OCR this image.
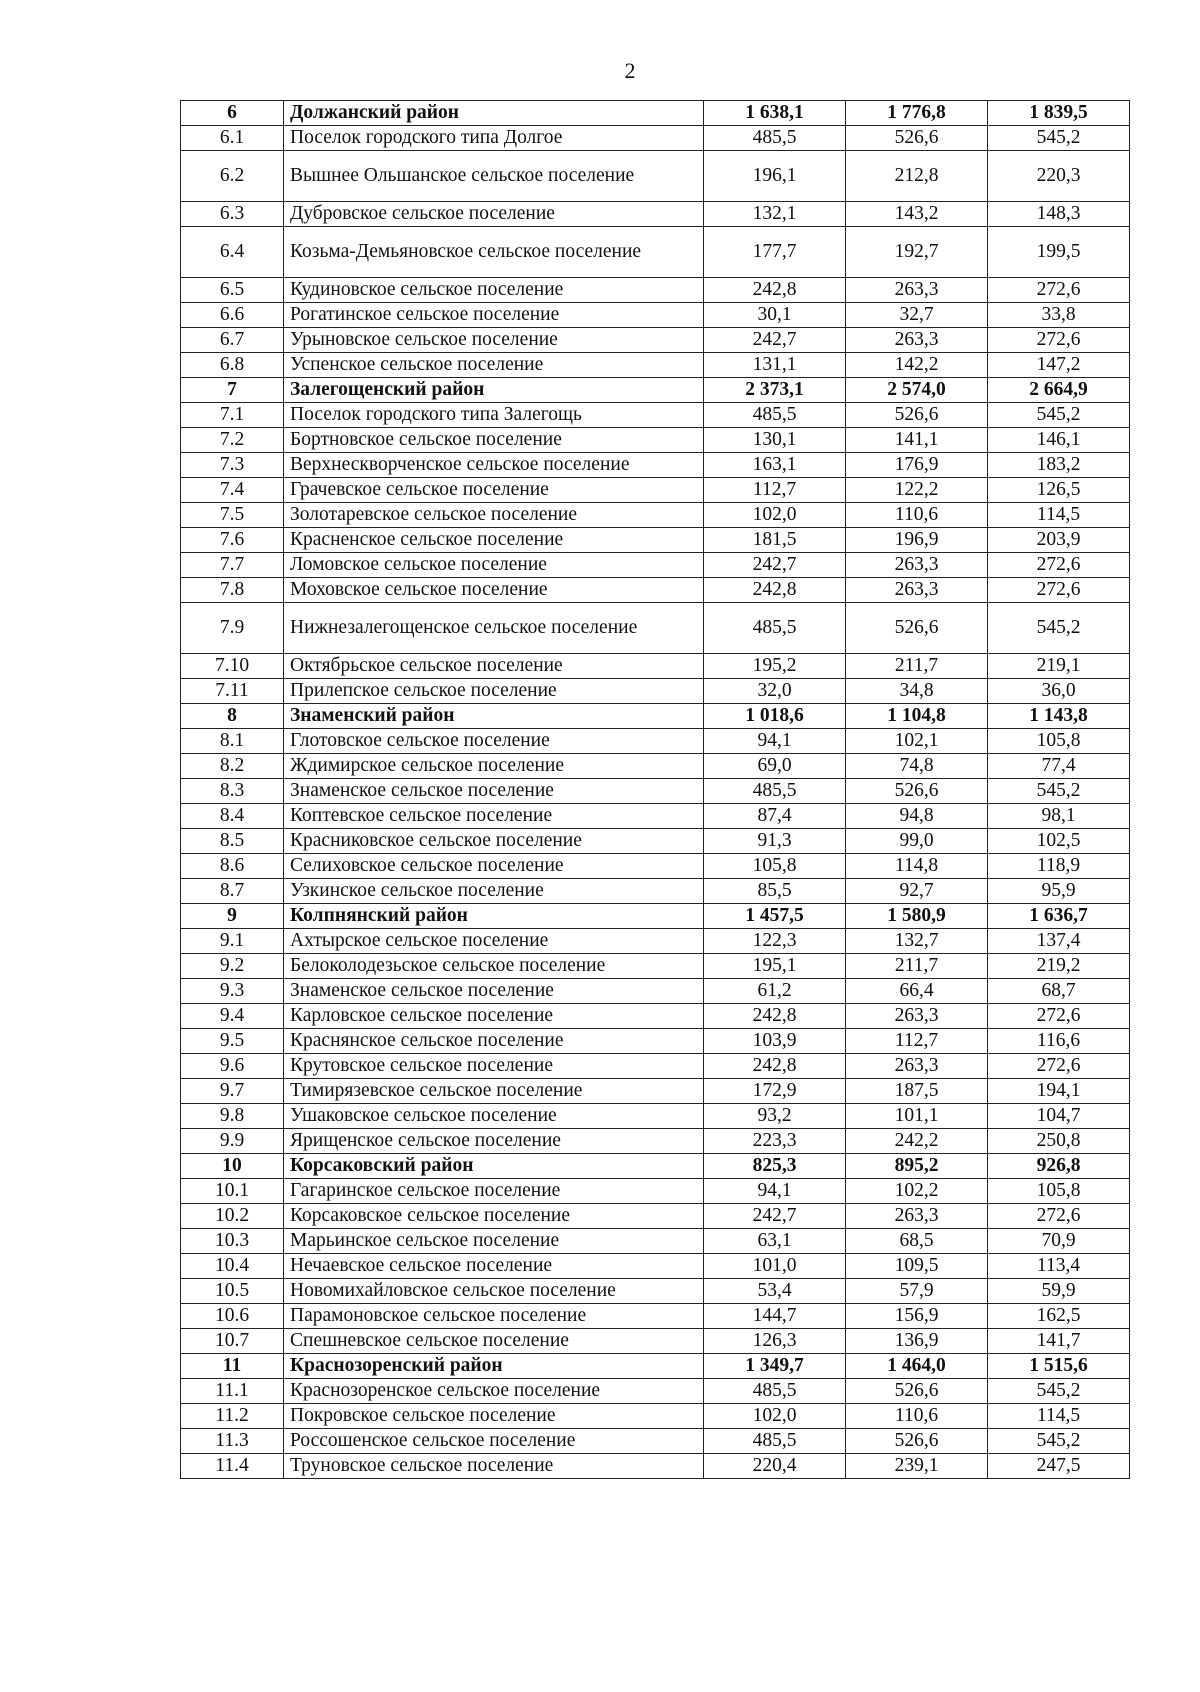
2
6	Должанский район	1 638,1	1 776,8	1 839,5
6.1	Поселок городского типа Долгое	485,5	526,6	545,2
6.2	Вышнее Ольшанское сельское поселение	196,1	212,8	220,3
6.3	Дубровское сельское поселение	132,1	143,2	148,3
6.4	Козьма-Демьяновское сельское поселение	177,7	192,7	199,5
6.5	Кудиновское сельское поселение	242,8	263,3	272,6
6.6	Рогатинское сельское поселение	30,1	32,7	33,8
6.7	Урыновское сельское поселение	242,7	263,3	272,6
6.8	Успенское сельское поселение	131,1	142,2	147,2
7	Залегощенский район	2 373,1	2 574,0	2 664,9
7.1	Поселок городского типа Залегощь	485,5	526,6	545,2
7.2	Бортновское сельское поселение	130,1	141,1	146,1
7.3	Верхнескворченское сельское поселение	163,1	176,9	183,2
7.4	Грачевское сельское поселение	112,7	122,2	126,5
7.5	Золотаревское сельское поселение	102,0	110,6	114,5
7.6	Красненское сельское поселение	181,5	196,9	203,9
7.7	Ломовское сельское поселение	242,7	263,3	272,6
7.8	Моховское сельское поселение	242,8	263,3	272,6
7.9	Нижнезалегощенское сельское поселение	485,5	526,6	545,2
7.10	Октябрьское сельское поселение	195,2	211,7	219,1
7.11	Прилепское сельское поселение	32,0	34,8	36,0
8	Знаменский район	1 018,6	1 104,8	1 143,8
8.1	Глотовское сельское поселение	94,1	102,1	105,8
8.2	Ждимирское сельское поселение	69,0	74,8	77,4
8.3	Знаменское сельское поселение	485,5	526,6	545,2
8.4	Коптевское сельское поселение	87,4	94,8	98,1
8.5	Красниковское сельское поселение	91,3	99,0	102,5
8.6	Селиховское сельское поселение	105,8	114,8	118,9
8.7	Узкинское сельское поселение	85,5	92,7	95,9
9	Колпнянский район	1 457,5	1 580,9	1 636,7
9.1	Ахтырское сельское поселение	122,3	132,7	137,4
9.2	Белоколодезьское сельское поселение	195,1	211,7	219,2
9.3	Знаменское сельское поселение	61,2	66,4	68,7
9.4	Карловское сельское поселение	242,8	263,3	272,6
9.5	Краснянское сельское поселение	103,9	112,7	116,6
9.6	Крутовское сельское поселение	242,8	263,3	272,6
9.7	Тимирязевское сельское поселение	172,9	187,5	194,1
9.8	Ушаковское сельское поселение	93,2	101,1	104,7
9.9	Ярищенское сельское поселение	223,3	242,2	250,8
10	Корсаковский район	825,3	895,2	926,8
10.1	Гагаринское сельское поселение	94,1	102,2	105,8
10.2	Корсаковское сельское поселение	242,7	263,3	272,6
10.3	Марьинское сельское поселение	63,1	68,5	70,9
10.4	Нечаевское сельское поселение	101,0	109,5	113,4
10.5	Новомихайловское сельское поселение	53,4	57,9	59,9
10.6	Парамоновское сельское поселение	144,7	156,9	162,5
10.7	Спешневское сельское поселение	126,3	136,9	141,7
11	Краснозоренский район	1 349,7	1 464,0	1 515,6
11.1	Краснозоренское сельское поселение	485,5	526,6	545,2
11.2	Покровское сельское поселение	102,0	110,6	114,5
11.3	Россошенское сельское поселение	485,5	526,6	545,2
11.4	Труновское сельское поселение	220,4	239,1	247,5
